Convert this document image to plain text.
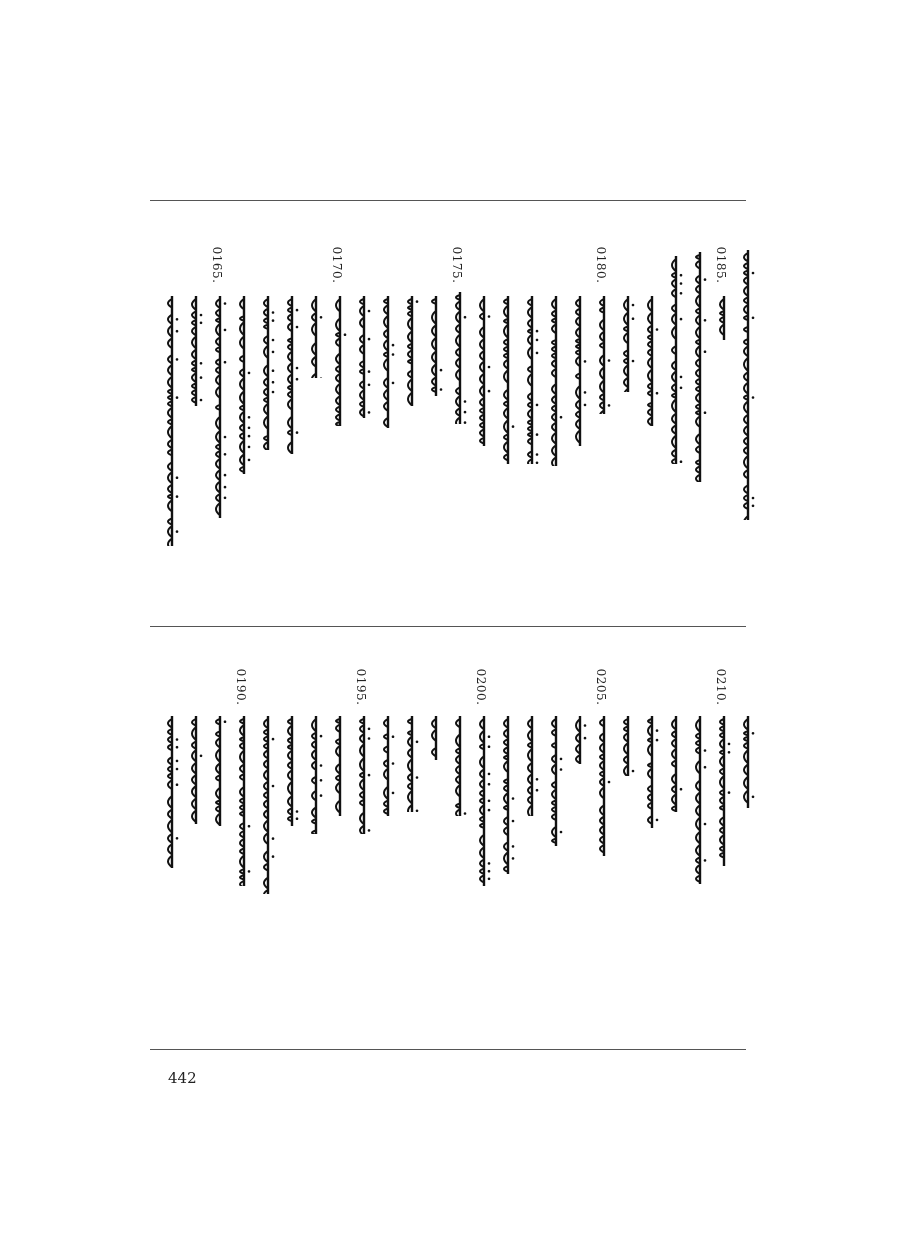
0185.
0180.
0175.
0170.
0165.
0210.
0205.
0200.
0195.
0190.
442
